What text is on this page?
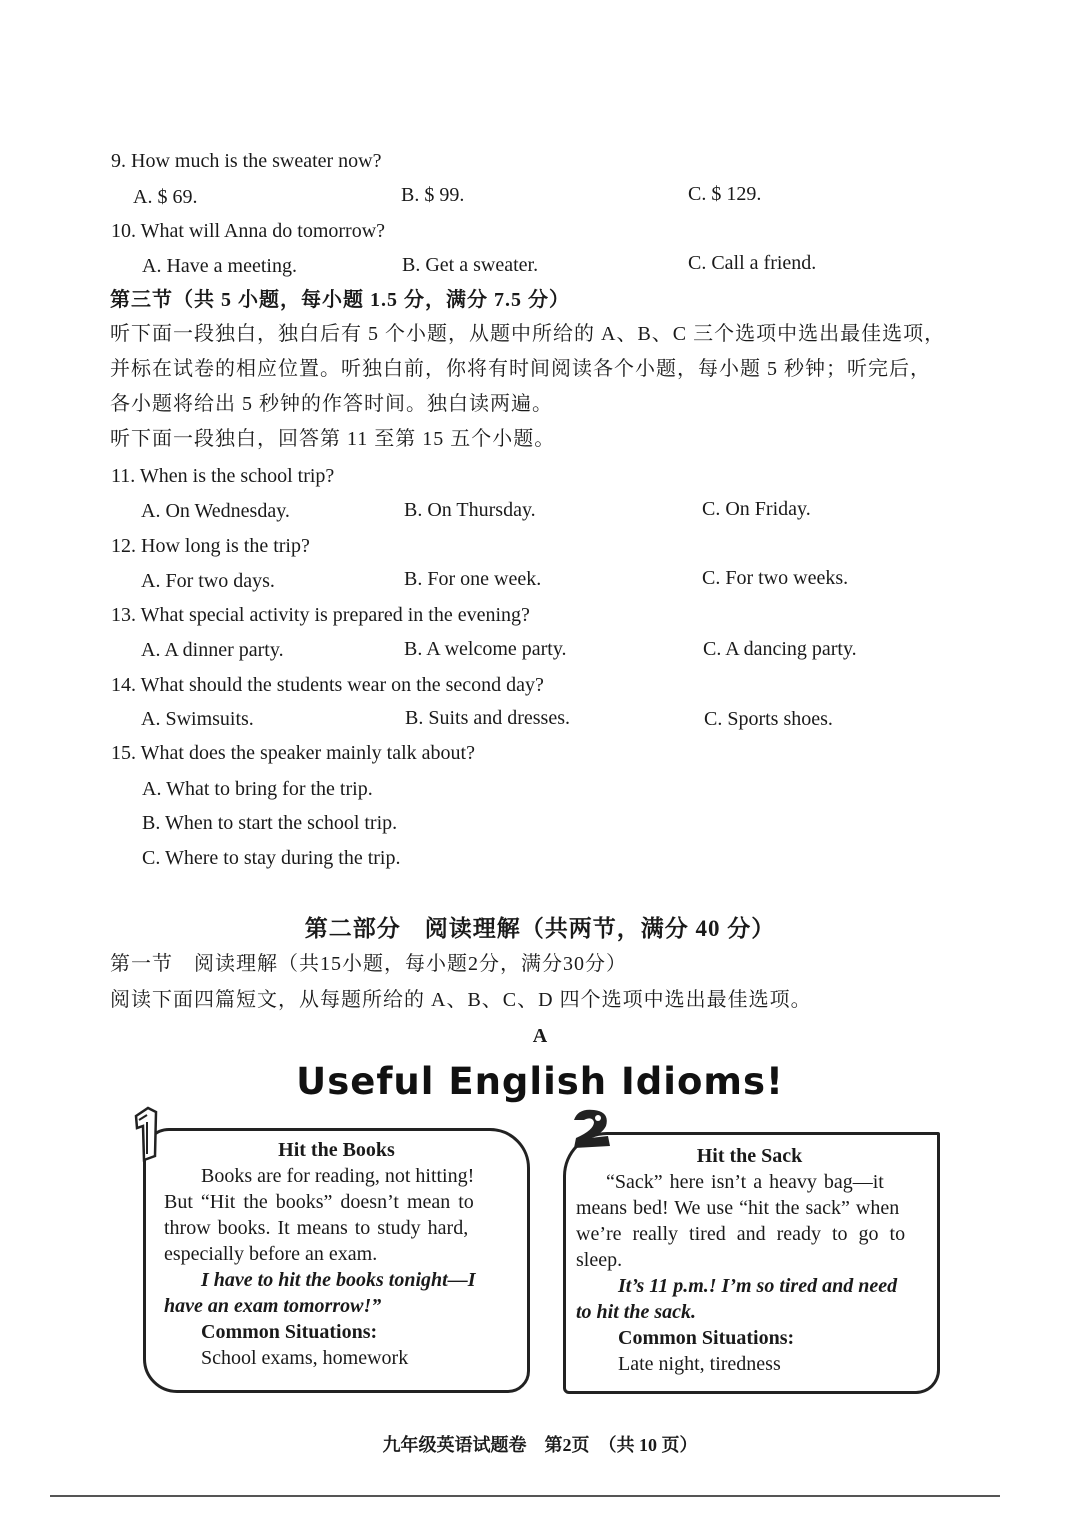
9. How much is the sweater now?
A. $ 69.	B. $ 99.	C. $ 129.
10. What will Anna do tomorrow?
A. Have a meeting.	B. Get a sweater.	C. Call a friend.
第三节（共 5 小题，每小题 1.5 分，满分 7.5 分）
听下面一段独白，独白后有 5 个小题，从题中所给的 A、B、C 三个选项中选出最佳选项，
并标在试卷的相应位置。听独白前，你将有时间阅读各个小题，每小题 5 秒钟；听完后，
各小题将给出 5 秒钟的作答时间。独白读两遍。
听下面一段独白，回答第 11 至第 15 五个小题。
11. When is the school trip?
A. On Wednesday.	B. On Thursday.	C. On Friday.
12. How long is the trip?
A. For two days.	B. For one week.	C. For two weeks.
13. What special activity is prepared in the evening?
A. A dinner party.	B. A welcome party.	C. A dancing party.
14. What should the students wear on the second day?
A. Swimsuits.	B. Suits and dresses.	C. Sports shoes.
15. What does the speaker mainly talk about?
A. What to bring for the trip.
B. When to start the school trip.
C. Where to stay during the trip.
第二部分　阅读理解（共两节，满分 40 分）
第一节　阅读理解（共15小题，每小题2分，满分30分）
阅读下面四篇短文，从每题所给的 A、B、C、D 四个选项中选出最佳选项。
A
Useful English Idioms!

Hit the Books

Books are for reading, not hitting!

But “Hit the books” doesn’t mean to

throw books. It means to study hard,

especially before an exam.

I have to hit the books tonight—I

have an exam tomorrow!”

Common Situations:

School exams, homework

Hit the Sack

“Sack” here isn’t a heavy bag—it

means bed! We use “hit the sack” when

we’re really tired and ready to go to

sleep.

It’s 11 p.m.! I’m so tired and need

to hit the sack.

Common Situations:

Late night, tiredness

九年级英语试题卷　第2页　（共 10 页）
